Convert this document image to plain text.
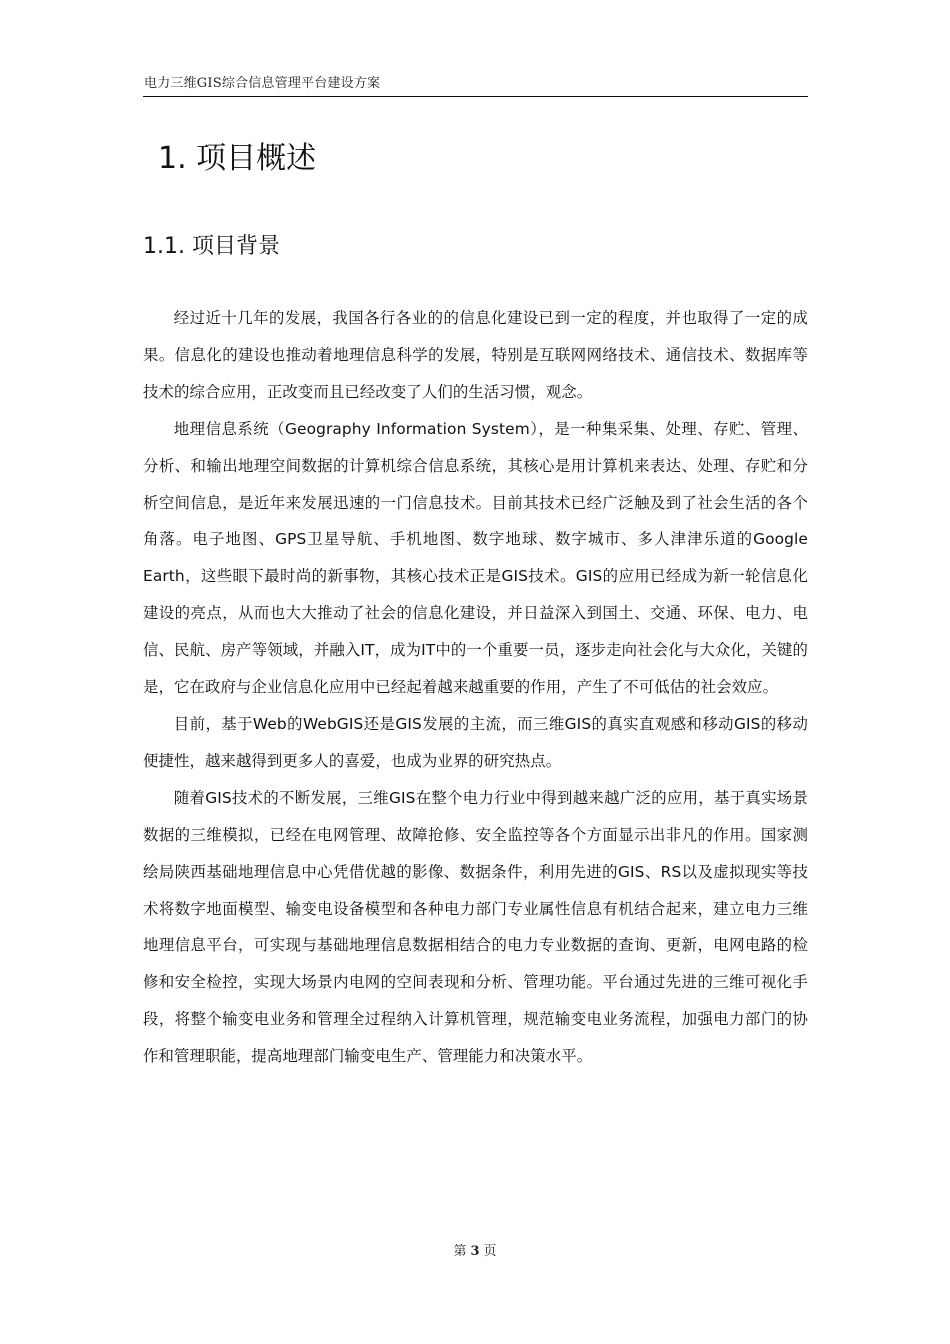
电力三维GIS综合信息管理平台建设方案
1. 项目概述
1.1. 项目背景

经过近十几年的发展，我国各行各业的的信息化建设已到一定的程度，并也取得了一定的成果。信息化的建设也推动着地理信息科学的发展，特别是互联网网络技术、通信技术、数据库等技术的综合应用，正改变而且已经改变了人们的生活习惯，观念。

地理信息系统（Geography Information System），是一种集采集、处理、存贮、管理、分析、和输出地理空间数据的计算机综合信息系统，其核心是用计算机来表达、处理、存贮和分析空间信息，是近年来发展迅速的一门信息技术。目前其技术已经广泛触及到了社会生活的各个角落。电子地图、GPS卫星导航、手机地图、数字地球、数字城市、多人津津乐道的Google Earth，这些眼下最时尚的新事物，其核心技术正是GIS技术。GIS的应用已经成为新一轮信息化建设的亮点，从而也大大推动了社会的信息化建设，并日益深入到国土、交通、环保、电力、电信、民航、房产等领域，并融入IT，成为IT中的一个重要一员，逐步走向社会化与大众化，关键的是，它在政府与企业信息化应用中已经起着越来越重要的作用，产生了不可低估的社会效应。

目前，基于Web的WebGIS还是GIS发展的主流，而三维GIS的真实直观感和移动GIS的移动便捷性，越来越得到更多人的喜爱，也成为业界的研究热点。

随着GIS技术的不断发展，三维GIS在整个电力行业中得到越来越广泛的应用，基于真实场景数据的三维模拟，已经在电网管理、故障抢修、安全监控等各个方面显示出非凡的作用。国家测绘局陕西基础地理信息中心凭借优越的影像、数据条件，利用先进的GIS、RS以及虚拟现实等技术将数字地面模型、输变电设备模型和各种电力部门专业属性信息有机结合起来，建立电力三维地理信息平台，可实现与基础地理信息数据相结合的电力专业数据的查询、更新，电网电路的检修和安全检控，实现大场景内电网的空间表现和分析、管理功能。平台通过先进的三维可视化手段，将整个输变电业务和管理全过程纳入计算机管理，规范输变电业务流程，加强电力部门的协作和管理职能，提高地理部门输变电生产、管理能力和决策水平。

第 3 页
